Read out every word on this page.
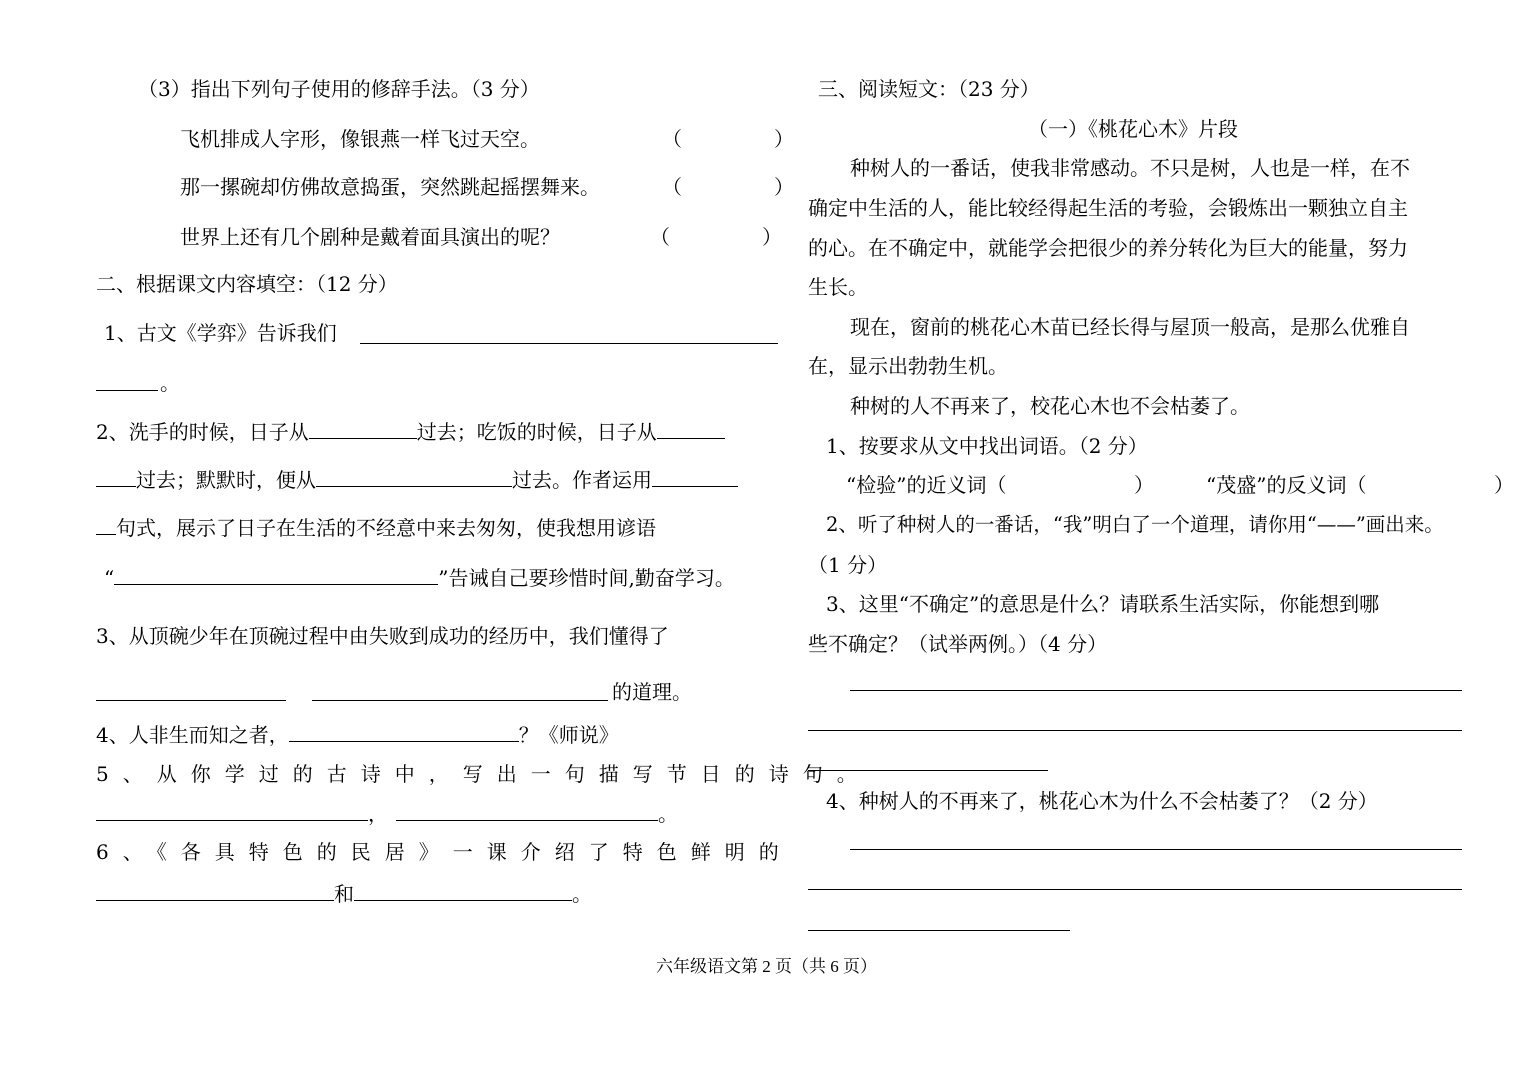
（3）指出下列句子使用的修辞手法。（3 分）
飞机排成人字形，像银燕一样飞过天空。	（	）
那一摞碗却仿佛故意捣蛋，突然跳起摇摆舞来。	（	）
世界上还有几个剧种是戴着面具演出的呢？	（	）
二、根据课文内容填空：（12 分）
1、古文《学弈》告诉我们
。
2、洗手的时候，日子从	过去；吃饭的时候，日子从
过去；默默时，便从	过去。作者运用
句式，展示了日子在生活的不经意中来去匆匆，使我想用谚语
“	”告诫自己要珍惜时间,勤奋学习。
3、从顶碗少年在顶碗过程中由失败到成功的经历中，我们懂得了
的道理。
4、人非生而知之者，	？《师说》
5、从你学过的古诗中，写出一句描写节日的诗句。
，	。
6、《各具特色的民居》一课介绍了特色鲜明的
和	。
三、阅读短文：（23 分）
（一）《桃花心木》片段
种树人的一番话，使我非常感动。不只是树，人也是一样，在不
确定中生活的人，能比较经得起生活的考验，会锻炼出一颗独立自主
的心。在不确定中，就能学会把很少的养分转化为巨大的能量，努力
生长。
现在，窗前的桃花心木苗已经长得与屋顶一般高，是那么优雅自
在，显示出勃勃生机。
种树的人不再来了，校花心木也不会枯萎了。
1、按要求从文中找出词语。（2 分）
“检验”的近义词（	）	“茂盛”的反义词（	）
2、听了种树人的一番话，“我”明白了一个道理，请你用“——”画出来。
（1 分）
3、这里“不确定”的意思是什么？请联系生活实际，你能想到哪
些不确定？（试举两例。）（4 分）
4、种树人的不再来了，桃花心木为什么不会枯萎了？（2 分）
六年级语文第 2 页（共 6 页）
